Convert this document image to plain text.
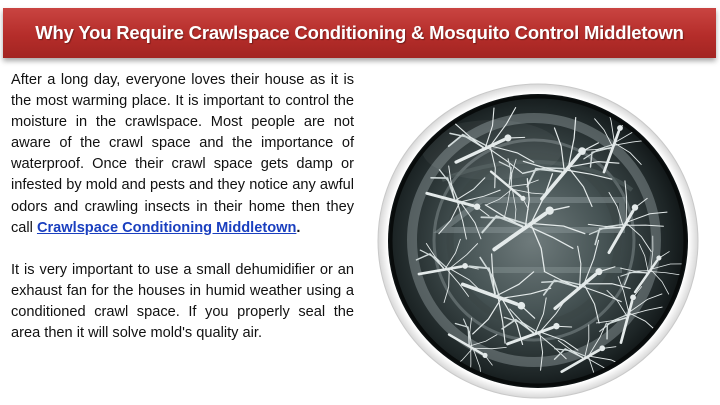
Why You Require Crawlspace Conditioning & Mosquito Control Middletown

After a long day, everyone loves their house as it is the most warming place. It is important to control the moisture in the crawlspace. Most people are not aware of the crawl space and the importance of waterproof. Once their crawl space gets damp or infested by mold and pests and they notice any awful odors and crawling insects in their home then they call Crawlspace Conditioning Middletown.

It is very important to use a small dehumidifier or an exhaust fan for the houses in humid weather using a conditioned crawl space. If you properly seal the area then it will solve mold's quality air.
